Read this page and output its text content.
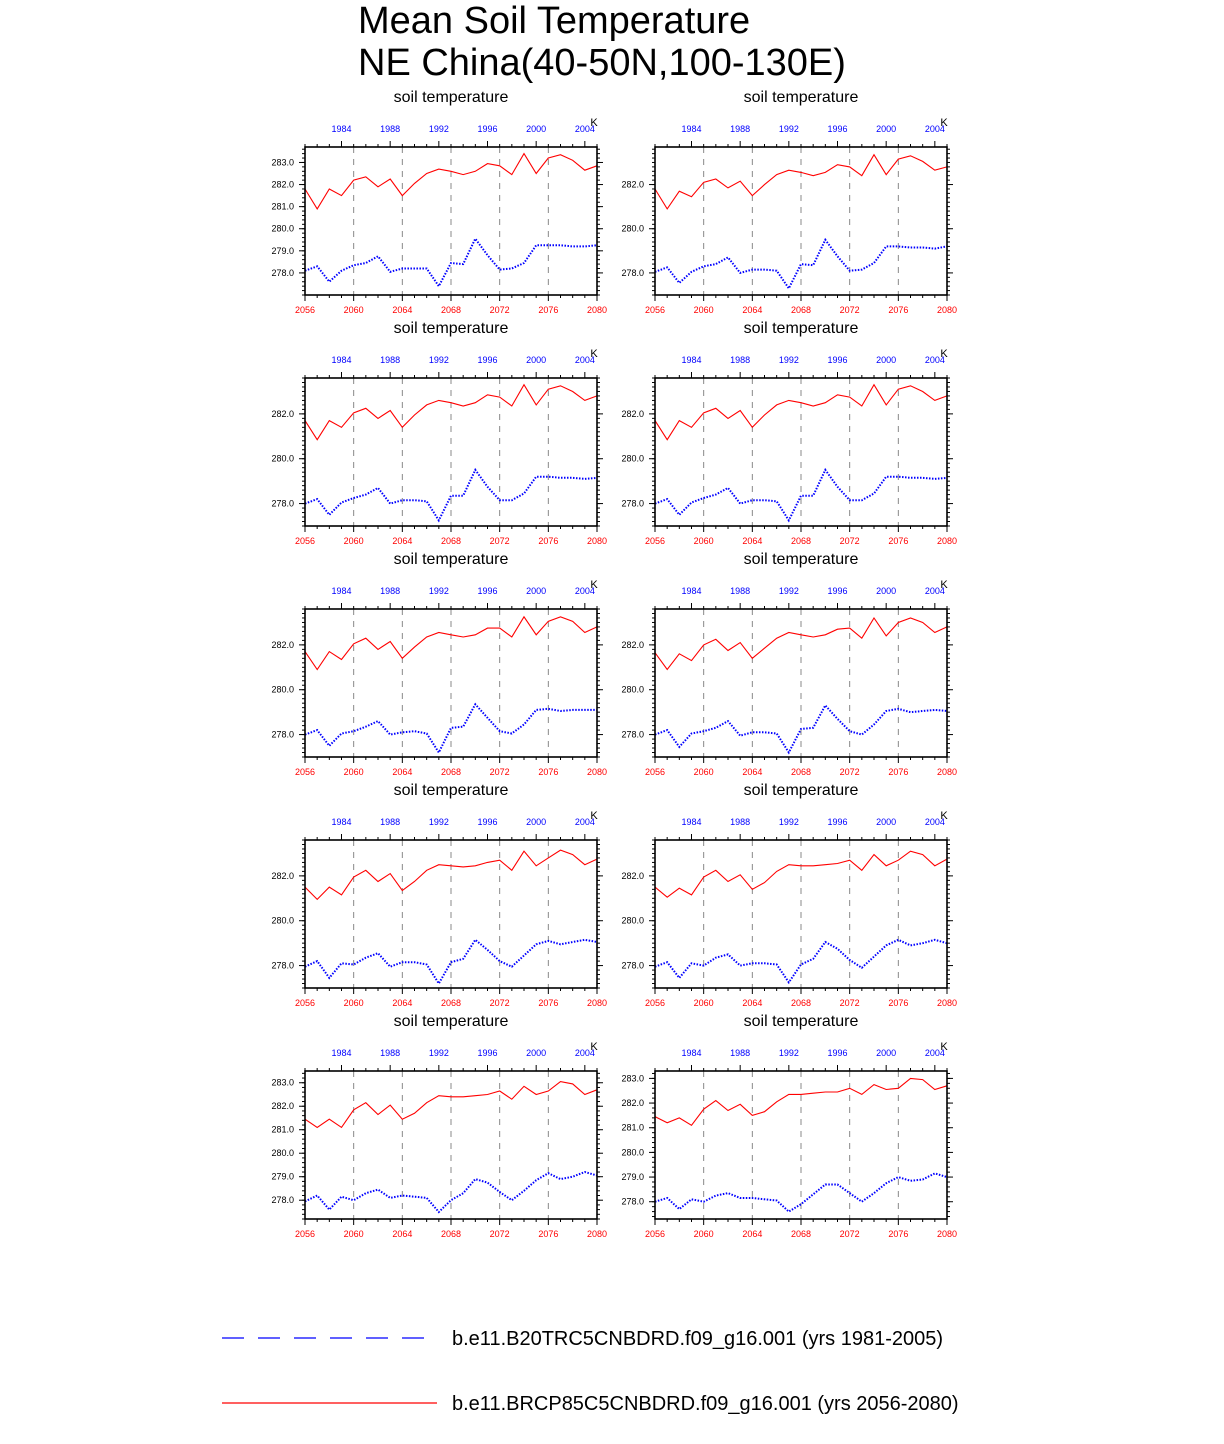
Mean Soil Temperature
NE China(40-50N,100-130E)
soil temperature
K
2056	2060	2064	2068	2072	2076	2080
1984	1988	1992	1996	2000	2004
278.0
279.0
280.0
281.0
282.0
283.0
soil temperature
K
2056	2060	2064	2068	2072	2076	2080
1984	1988	1992	1996	2000	2004
278.0
280.0
282.0
soil temperature
K
2056	2060	2064	2068	2072	2076	2080
1984	1988	1992	1996	2000	2004
278.0
280.0
282.0
soil temperature
K
2056	2060	2064	2068	2072	2076	2080
1984	1988	1992	1996	2000	2004
278.0
280.0
282.0
soil temperature
K
2056	2060	2064	2068	2072	2076	2080
1984	1988	1992	1996	2000	2004
278.0
280.0
282.0
soil temperature
K
2056	2060	2064	2068	2072	2076	2080
1984	1988	1992	1996	2000	2004
278.0
280.0
282.0
soil temperature
K
2056	2060	2064	2068	2072	2076	2080
1984	1988	1992	1996	2000	2004
278.0
280.0
282.0
soil temperature
K
2056	2060	2064	2068	2072	2076	2080
1984	1988	1992	1996	2000	2004
278.0
280.0
282.0
soil temperature
K
2056	2060	2064	2068	2072	2076	2080
1984	1988	1992	1996	2000	2004
278.0
279.0
280.0
281.0
282.0
283.0
soil temperature
K
2056	2060	2064	2068	2072	2076	2080
1984	1988	1992	1996	2000	2004
278.0
279.0
280.0
281.0
282.0
283.0
b.e11.B20TRC5CNBDRD.f09_g16.001 (yrs 1981-2005)
b.e11.BRCP85C5CNBDRD.f09_g16.001 (yrs 2056-2080)
